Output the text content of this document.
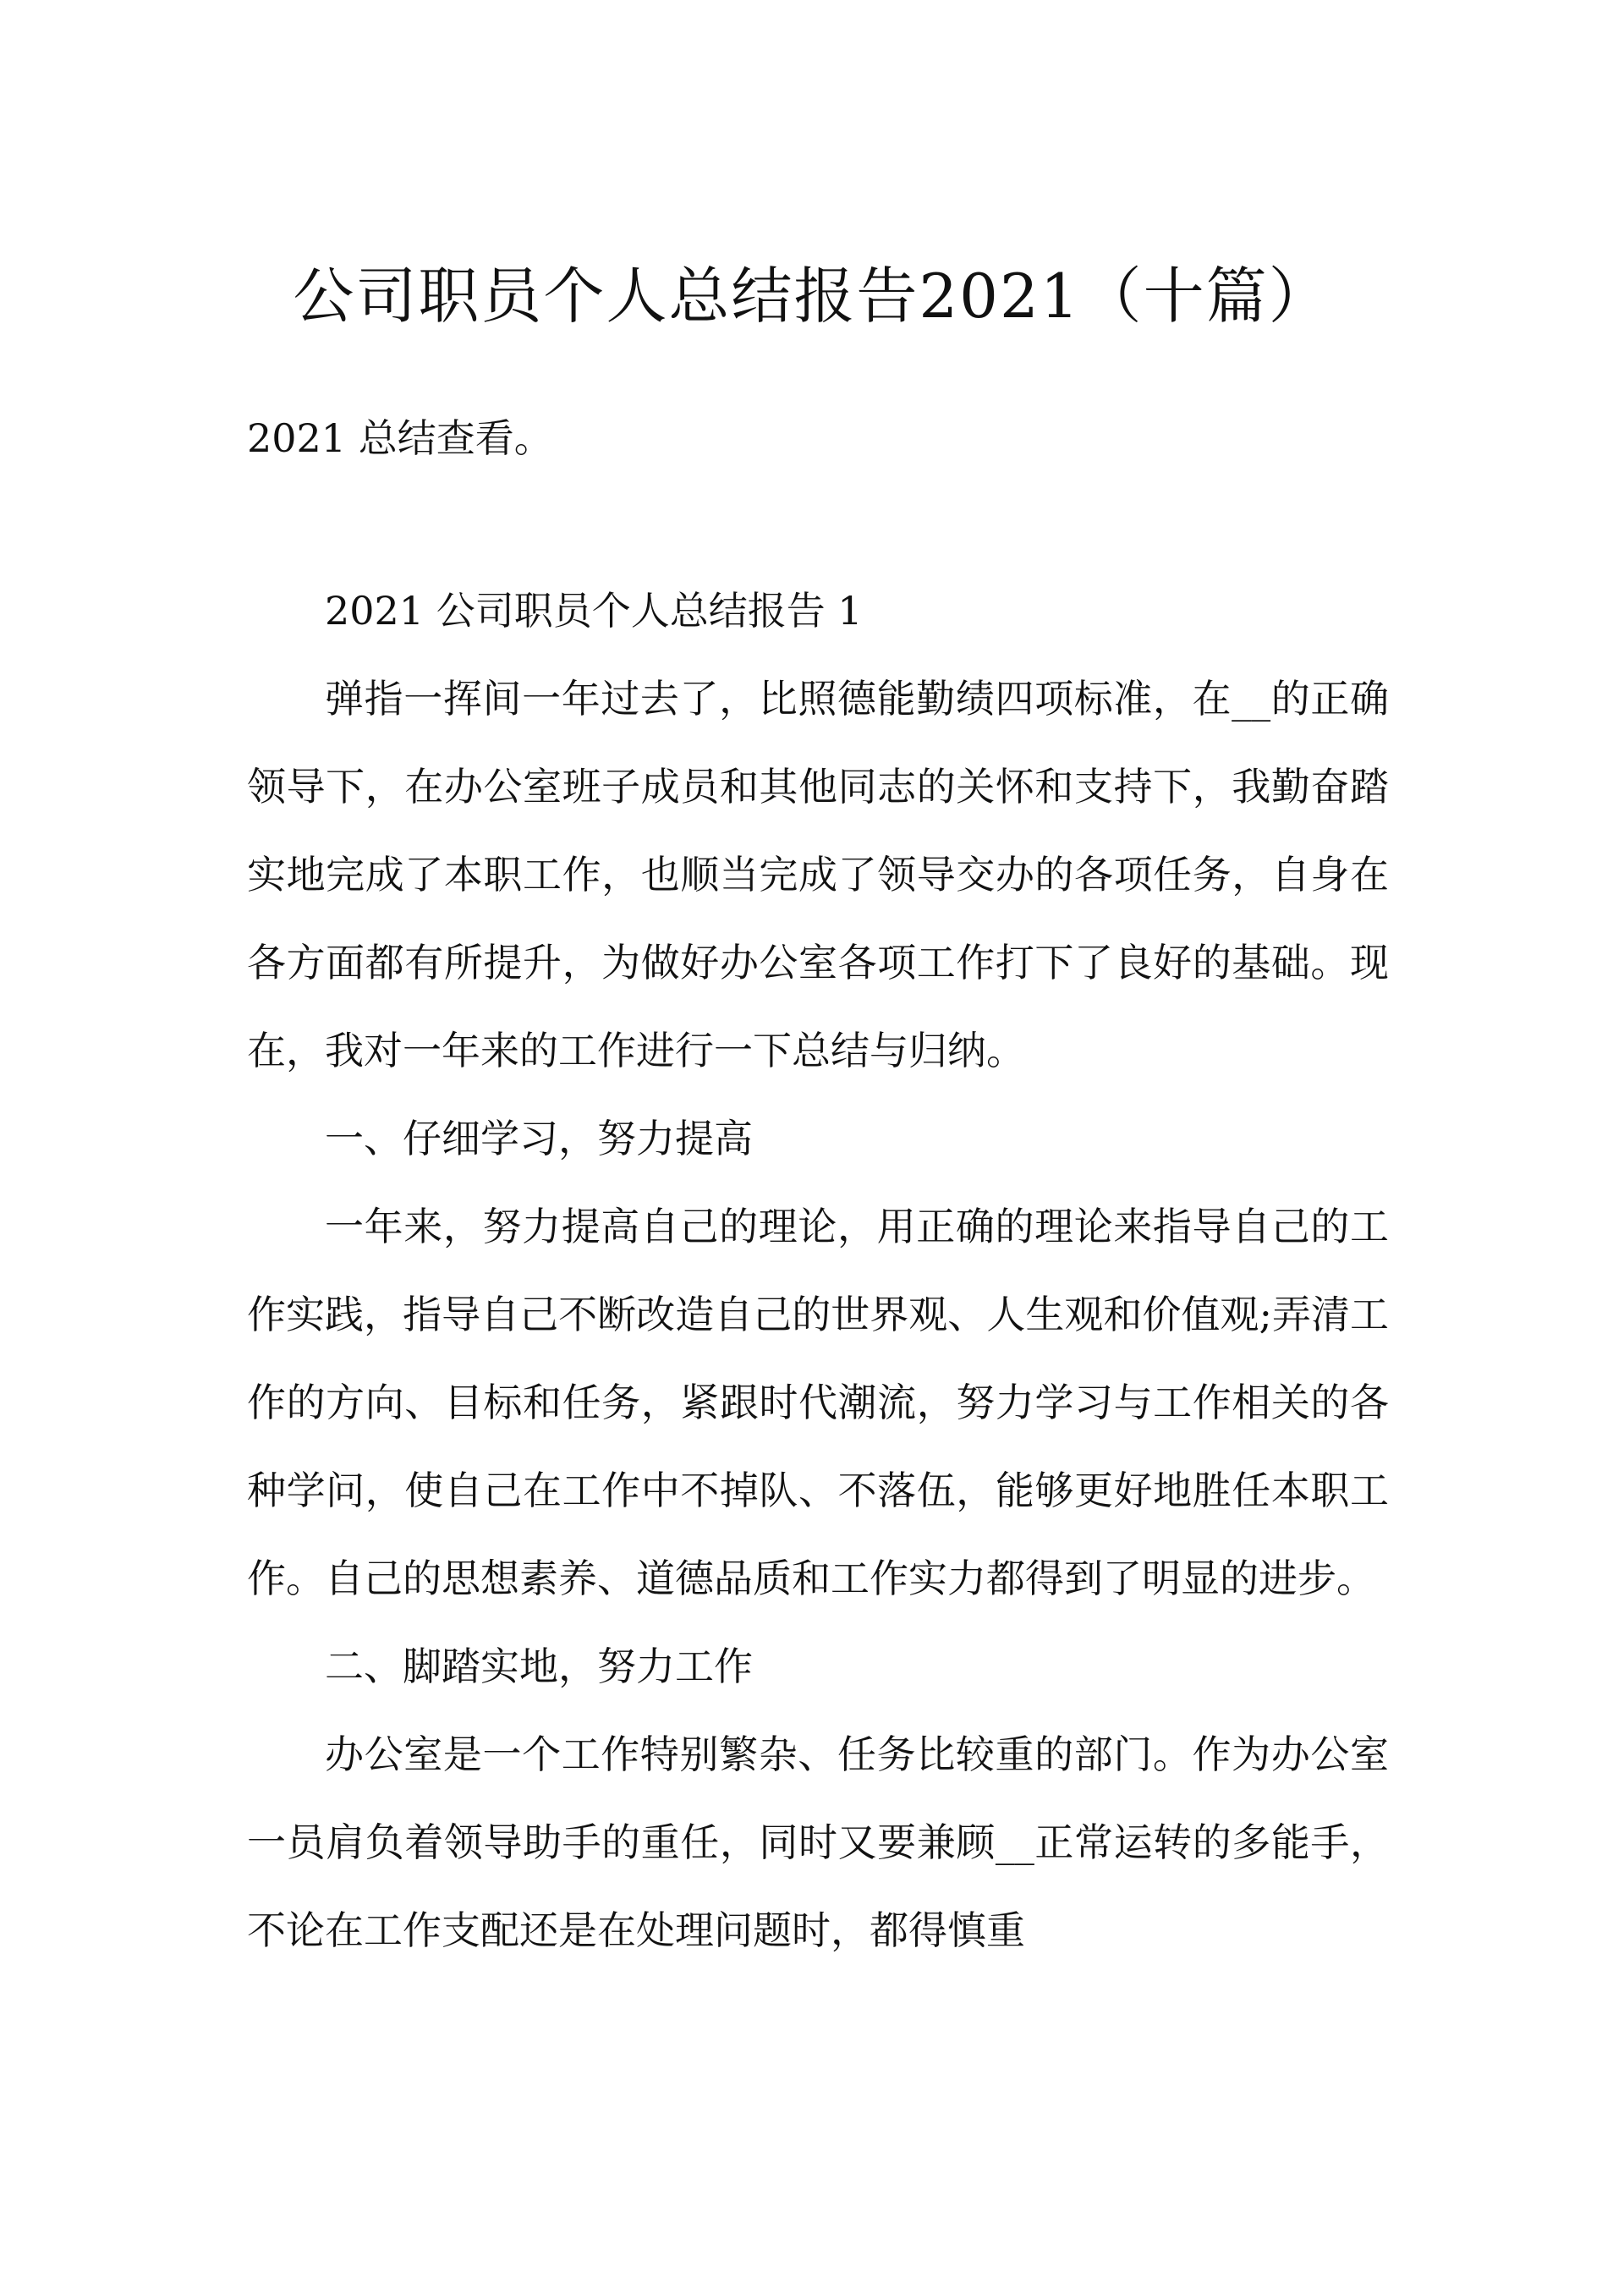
公司职员个人总结报告2021（十篇）

2021 总结查看。

2021 公司职员个人总结报告 1

弹指一挥间一年过去了，比照德能勤绩四项标准，在__的正确领导下，在办公室班子成员和其他同志的关怀和支持下，我勤奋踏实地完成了本职工作，也顺当完成了领导交办的各项任务，自身在各方面都有所提升，为做好办公室各项工作打下了良好的基础。现在，我对一年来的工作进行一下总结与归纳。

一、仔细学习，努力提高

一年来，努力提高自己的理论，用正确的理论来指导自己的工作实践，指导自己不断改造自己的世界观、人生观和价值观;弄清工作的方向、目标和任务，紧跟时代潮流，努力学习与工作相关的各种学问，使自己在工作中不掉队、不落伍，能够更好地胜任本职工作。自己的思想素养、道德品质和工作实力都得到了明显的进步。

二、脚踏实地，努力工作

办公室是一个工作特别繁杂、任务比较重的部门。作为办公室一员肩负着领导助手的重任，同时又要兼顾__正常运转的多能手，不论在工作支配还是在处理问题时，都得慎重
